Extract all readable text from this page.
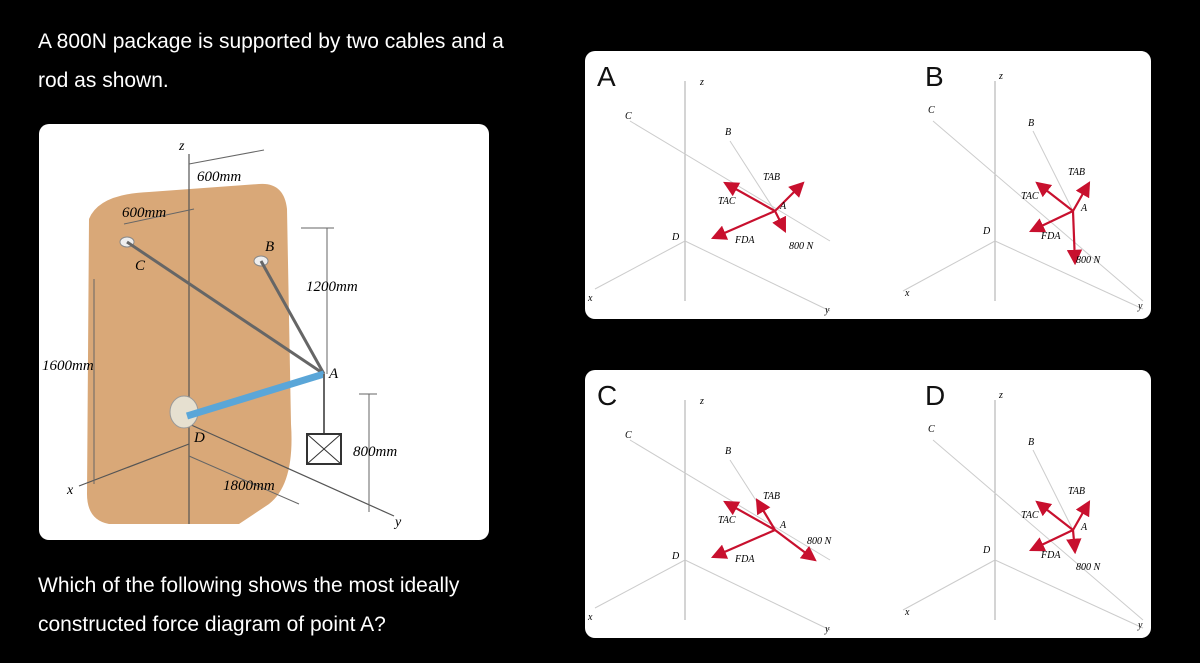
A 800N package is supported by two cables and a rod as shown.
Which of the following shows the most ideally constructed force diagram of point A?
z
C
B
A
D
x
y
600mm
600mm
1200mm
1600mm
800mm
1800mm
z
C
B
TAB
TAC	A
D	FDA
800 N
x
y
A	z
C
B
TAB
TAC
A
D	FDA
800 N
x
y
B
z
C
B
TAB
TAC	A
D	FDA
800 N
x
y
C	z
C
B
TAB
TAC
A
D	FDA
800 N
x
y
D
